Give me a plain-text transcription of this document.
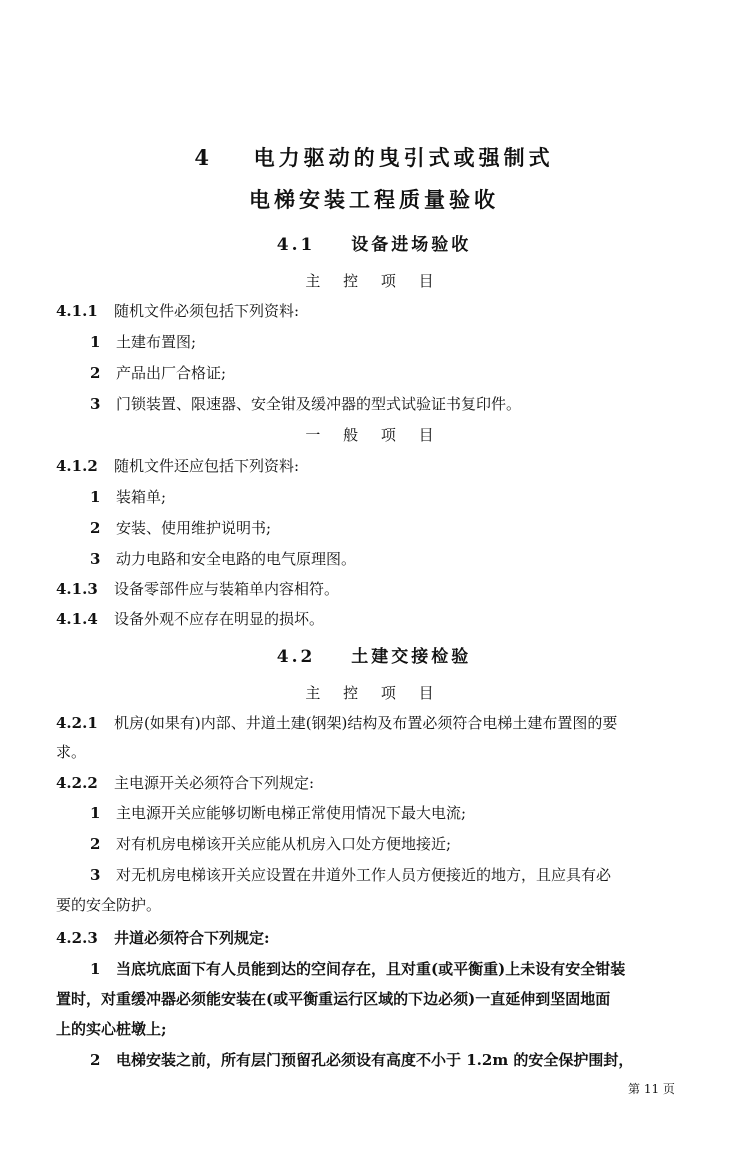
4 电力驱动的曳引式或强制式
电梯安装工程质量验收
4.1 设备进场验收
主 控 项 目
4.1.1 随机文件必须包括下列资料:
1 土建布置图;
2 产品出厂合格证;
3 门锁装置、限速器、安全钳及缓冲器的型式试验证书复印件。
一 般 项 目
4.1.2 随机文件还应包括下列资料:
1 装箱单;
2 安装、使用维护说明书;
3 动力电路和安全电路的电气原理图。
4.1.3 设备零部件应与装箱单内容相符。
4.1.4 设备外观不应存在明显的损坏。
4.2 土建交接检验
主 控 项 目
4.2.1 机房(如果有)内部、井道土建(钢架)结构及布置必须符合电梯土建布置图的要
求。
4.2.2 主电源开关必须符合下列规定:
1 主电源开关应能够切断电梯正常使用情况下最大电流;
2 对有机房电梯该开关应能从机房入口处方便地接近;
3 对无机房电梯该开关应设置在井道外工作人员方便接近的地方，且应具有必
要的安全防护。
4.2.3 井道必须符合下列规定:
1 当底坑底面下有人员能到达的空间存在，且对重(或平衡重)上未设有安全钳装
置时，对重缓冲器必须能安装在(或平衡重运行区域的下边必须)一直延伸到坚固地面
上的实心桩墩上;
2 电梯安装之前，所有层门预留孔必须设有高度不小于 1.2m 的安全保护围封，
第 11 页
